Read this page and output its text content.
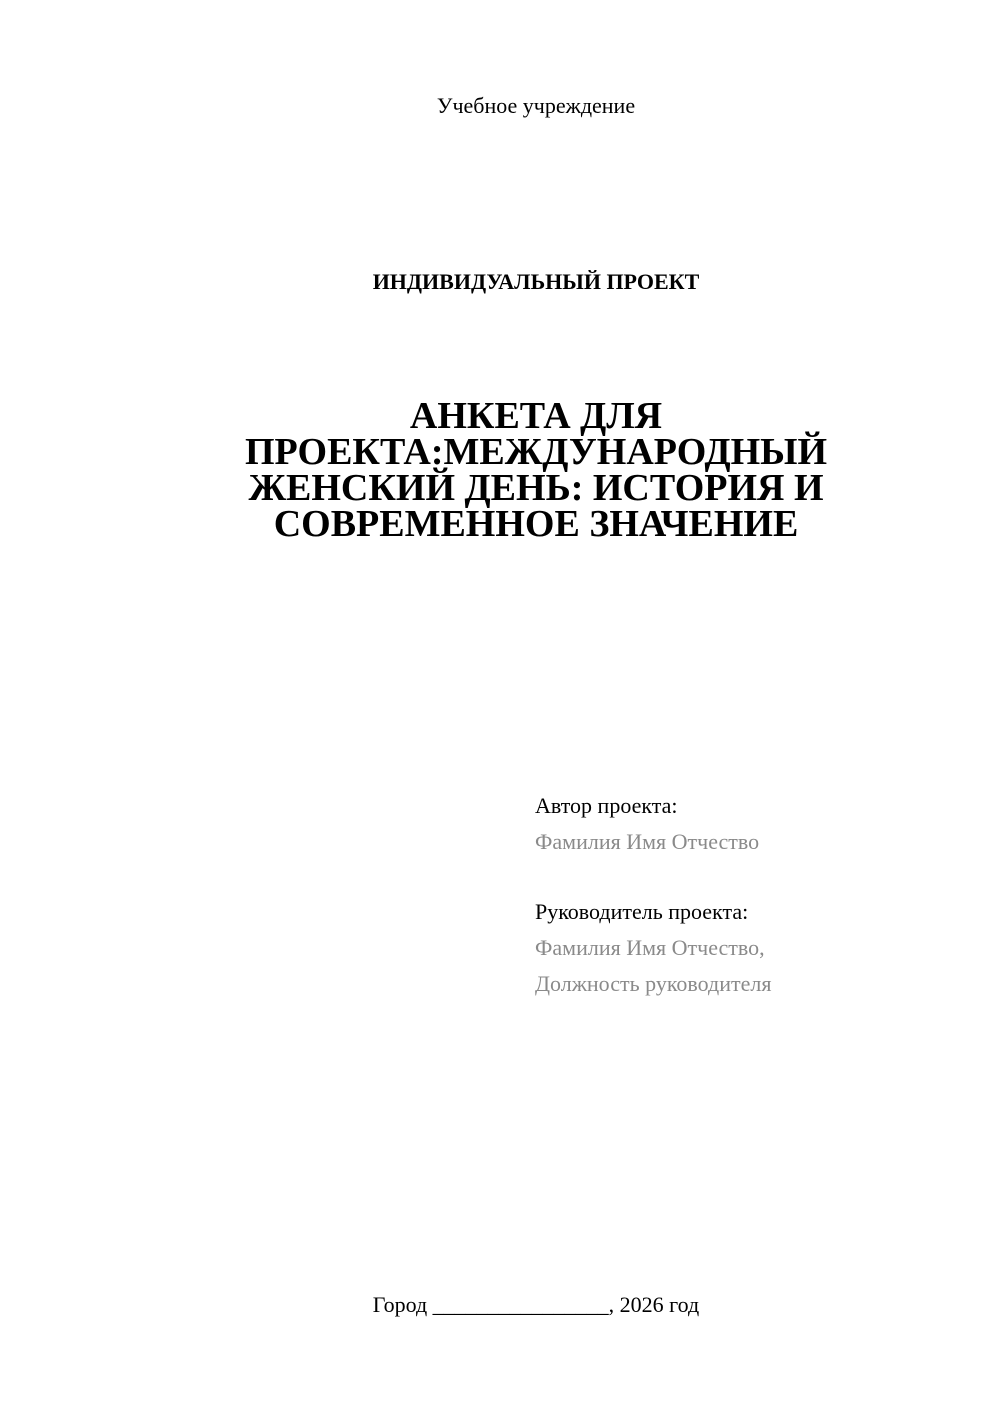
Учебное учреждение
ИНДИВИДУАЛЬНЫЙ ПРОЕКТ
АНКЕТА ДЛЯ
ПРОЕКТА:МЕЖДУНАРОДНЫЙ
ЖЕНСКИЙ ДЕНЬ: ИСТОРИЯ И
СОВРЕМЕННОЕ ЗНАЧЕНИЕ
Автор проекта:
Фамилия Имя Отчество
Руководитель проекта:
Фамилия Имя Отчество,
Должность руководителя
Город ________________, 2026 год
